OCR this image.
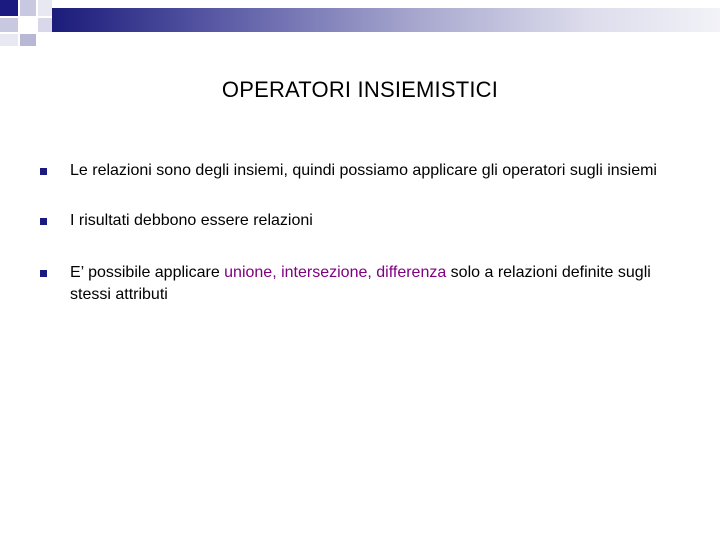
OPERATORI INSIEMISTICI
Le relazioni sono degli insiemi, quindi possiamo applicare gli operatori sugli insiemi
I risultati debbono essere relazioni
E’ possibile applicare unione, intersezione, differenza solo a relazioni definite sugli stessi attributi
